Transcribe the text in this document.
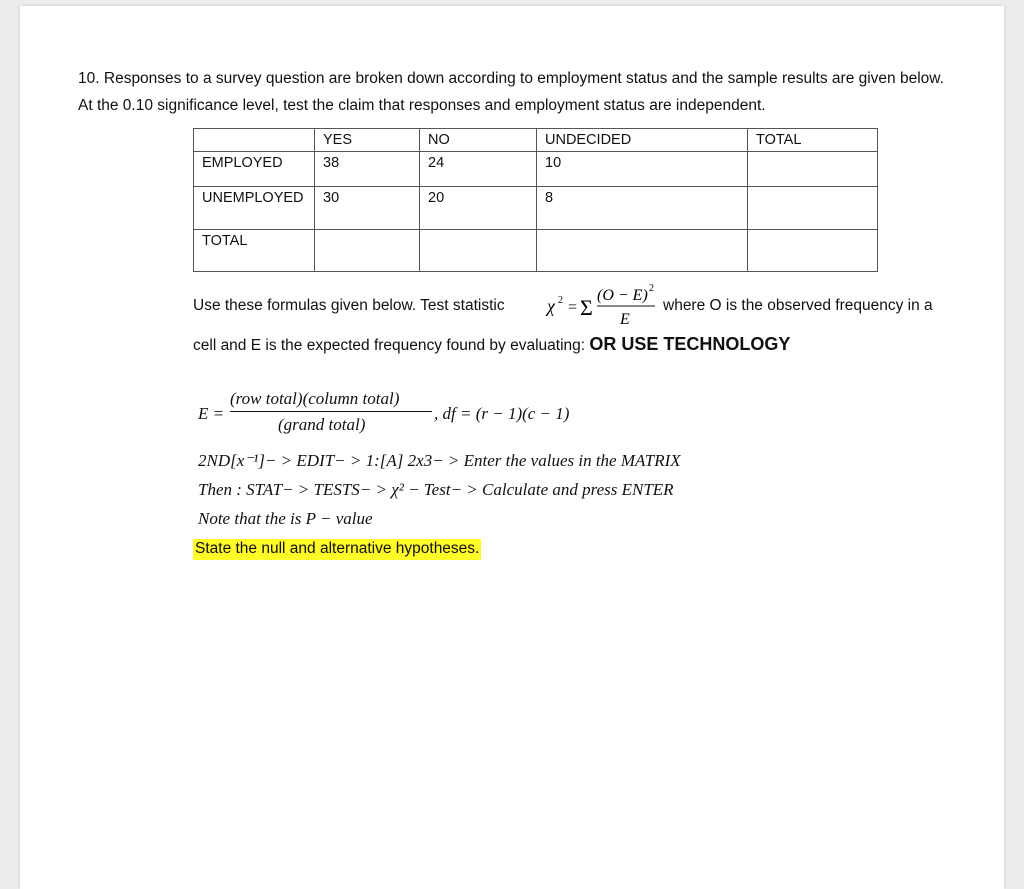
10. Responses to a survey question are broken down according to employment status and the sample results are given below. At the 0.10 significance level, test the claim that responses and employment status are independent.
	YES	NO	UNDECIDED	TOTAL
EMPLOYED	38	24	10	
UNEMPLOYED	30	20	8	
TOTAL				
Use these formulas given below. Test statistic χ 2 = Σ (O − E) 2
E
where O is the observed frequency in a
cell and E is the expected frequency found by evaluating: OR USE TECHNOLOGY
E =
(row total)(column total)
(grand total)
, df = (r − 1)(c − 1)
2ND[x⁻¹]− > EDIT− > 1:[A] 2x3− > Enter the values in the MATRIX
Then : STAT− > TESTS− > χ² − Test− > Calculate and press ENTER
Note that the is P − value
State the null and alternative hypotheses.
